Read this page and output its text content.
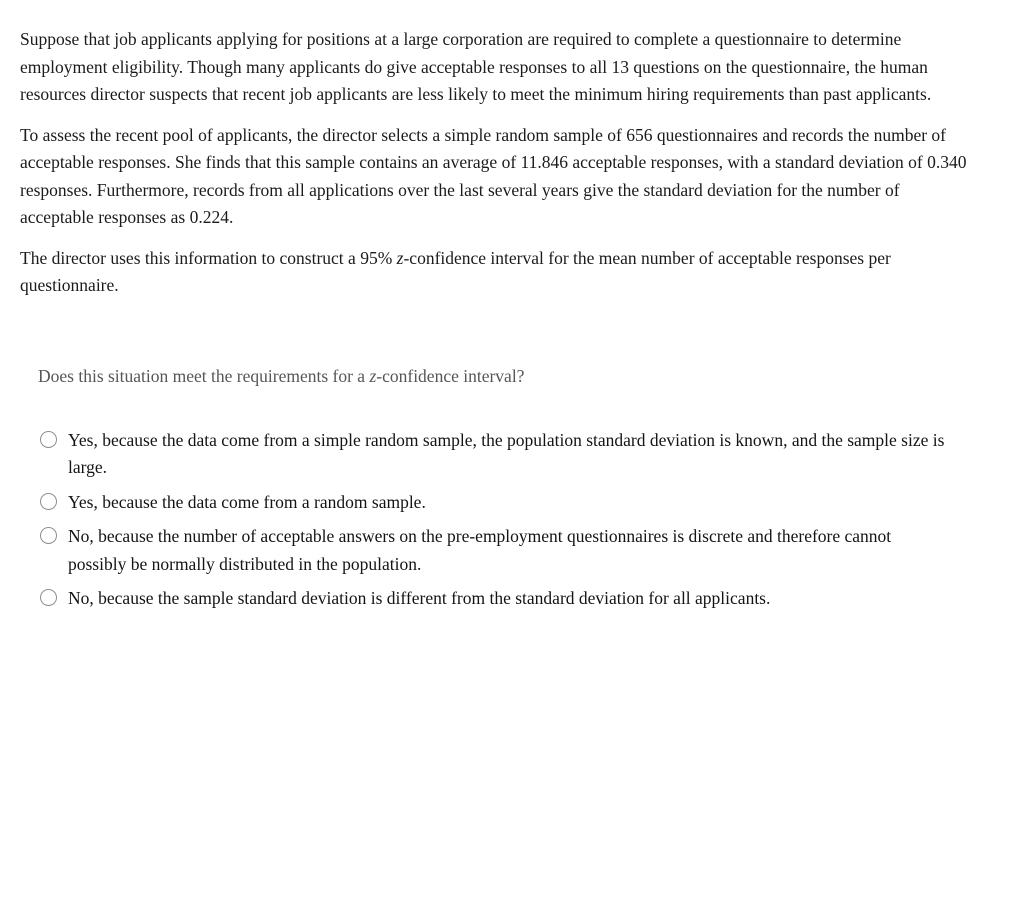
Suppose that job applicants applying for positions at a large corporation are required to complete a questionnaire to determine employment eligibility. Though many applicants do give acceptable responses to all 13 questions on the questionnaire, the human resources director suspects that recent job applicants are less likely to meet the minimum hiring requirements than past applicants.

To assess the recent pool of applicants, the director selects a simple random sample of 656 questionnaires and records the number of acceptable responses. She finds that this sample contains an average of 11.846 acceptable responses, with a standard deviation of 0.340 responses. Furthermore, records from all applications over the last several years give the standard deviation for the number of acceptable responses as 0.224.

The director uses this information to construct a 95% z-confidence interval for the mean number of acceptable responses per questionnaire.

Does this situation meet the requirements for a z-confidence interval?
Yes, because the data come from a simple random sample, the population standard deviation is known, and the sample size is large.
Yes, because the data come from a random sample.
No, because the number of acceptable answers on the pre-employment questionnaires is discrete and therefore cannot possibly be normally distributed in the population.
No, because the sample standard deviation is different from the standard deviation for all applicants.
